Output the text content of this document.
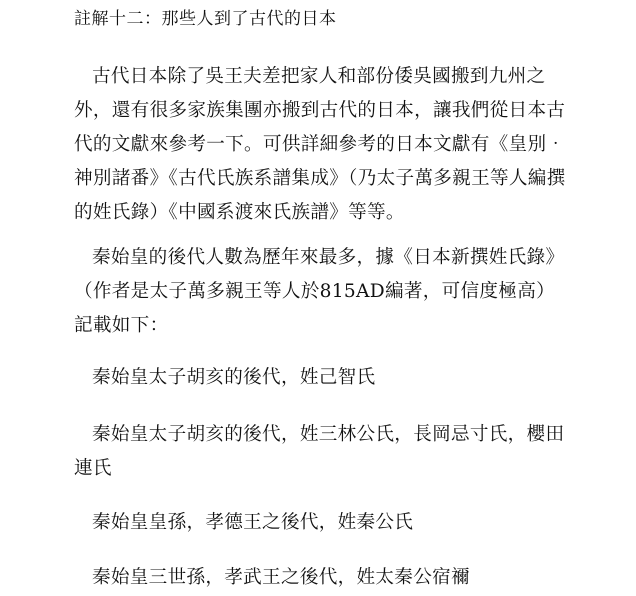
註解十二：那些人到了古代的日本

古代日本除了吳王夫差把家人和部份倭吳國搬到九州之外，還有很多家族集團亦搬到古代的日本，讓我們從日本古代的文獻來參考一下。可供詳細參考的日本文獻有《皇別‧神別諸番》《古代氏族系譜集成》（乃太子萬多親王等人編撰的姓氏錄）《中國系渡來氏族譜》等等。

秦始皇的後代人數為歷年來最多，據《日本新撰姓氏錄》（作者是太子萬多親王等人於815AD編著，可信度極高）記載如下：

秦始皇太子胡亥的後代，姓己智氏

秦始皇太子胡亥的後代，姓三林公氏，長岡忌寸氏，櫻田連氏

秦始皇皇孫，孝德王之後代，姓秦公氏

秦始皇三世孫，孝武王之後代，姓太秦公宿禰
